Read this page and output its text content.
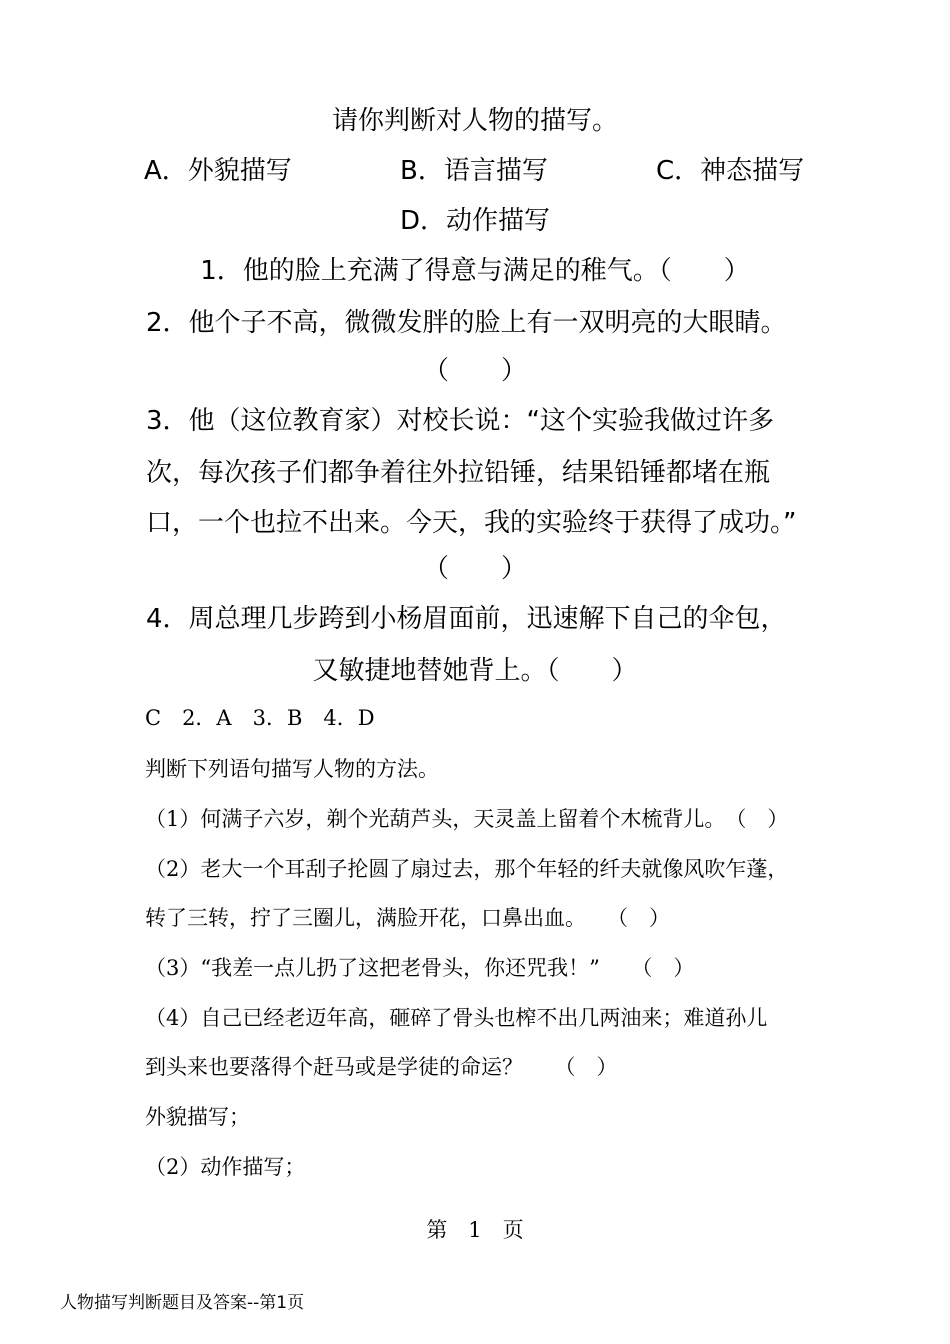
请你判断对人物的描写。
A．外貌描写	B．语言描写	C．神态描写
D．动作描写
1．他的脸上充满了得意与满足的稚气。（　　）
2．他个子不高，微微发胖的脸上有一双明亮的大眼睛。
（　　）
3．他（这位教育家）对校长说：“这个实验我做过许多
次，每次孩子们都争着往外拉铅锤，结果铅锤都堵在瓶
口，一个也拉不出来。今天，我的实验终于获得了成功。”
（　　）
4．周总理几步跨到小杨眉面前，迅速解下自己的伞包，
又敏捷地替她背上。（　　）
C　2．A　3．B　4．D
判断下列语句描写人物的方法。
（1）何满子六岁，剃个光葫芦头，天灵盖上留着个木梳背儿。　（　）
（2）老大一个耳刮子抡圆了扇过去，那个年轻的纤夫就像风吹乍蓬，
转了三转，拧了三圈儿，满脸开花，口鼻出血。　　（　）
（3）“我差一点儿扔了这把老骨头，你还咒我！”　　（　）
（4）自己已经老迈年高，砸碎了骨头也榨不出几两油来；难道孙儿
到头来也要落得个赶马或是学徒的命运？　　（　）
外貌描写；
（2）动作描写；
第　1　页
人物描写判断题目及答案--第1页
